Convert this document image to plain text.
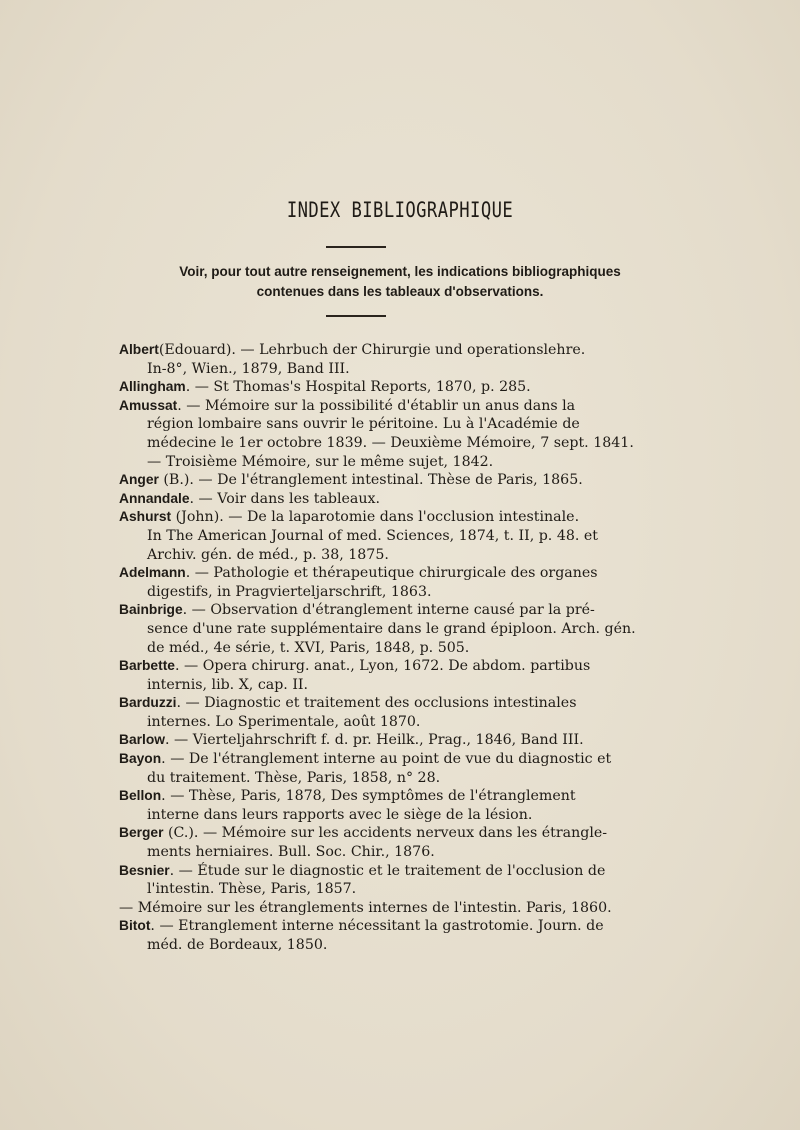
INDEX BIBLIOGRAPHIQUE
Voir, pour tout autre renseignement, les indications bibliographiques
contenues dans les tableaux d'observations.
Albert(Edouard). — Lehrbuch der Chirurgie und operationslehre.
In-8°, Wien., 1879, Band III.
Allingham. — St Thomas's Hospital Reports, 1870, p. 285.
Amussat. — Mémoire sur la possibilité d'établir un anus dans la
région lombaire sans ouvrir le péritoine. Lu à l'Académie de
médecine le 1er octobre 1839. — Deuxième Mémoire, 7 sept. 1841.
— Troisième Mémoire, sur le même sujet, 1842.
Anger (B.). — De l'étranglement intestinal. Thèse de Paris, 1865.
Annandale. — Voir dans les tableaux.
Ashurst (John). — De la laparotomie dans l'occlusion intestinale.
In The American Journal of med. Sciences, 1874, t. II, p. 48. et
Archiv. gén. de méd., p. 38, 1875.
Adelmann. — Pathologie et thérapeutique chirurgicale des organes
digestifs, in Pragvierteljarschrift, 1863.
Bainbrige. — Observation d'étranglement interne causé par la pré-
sence d'une rate supplémentaire dans le grand épiploon. Arch. gén.
de méd., 4e série, t. XVI, Paris, 1848, p. 505.
Barbette. — Opera chirurg. anat., Lyon, 1672. De abdom. partibus
internis, lib. X, cap. II.
Barduzzi. — Diagnostic et traitement des occlusions intestinales
internes. Lo Sperimentale, août 1870.
Barlow. — Vierteljahrschrift f. d. pr. Heilk., Prag., 1846, Band III.
Bayon. — De l'étranglement interne au point de vue du diagnostic et
du traitement. Thèse, Paris, 1858, n° 28.
Bellon. — Thèse, Paris, 1878, Des symptômes de l'étranglement
interne dans leurs rapports avec le siège de la lésion.
Berger (C.). — Mémoire sur les accidents nerveux dans les étrangle-
ments herniaires. Bull. Soc. Chir., 1876.
Besnier. — Étude sur le diagnostic et le traitement de l'occlusion de
l'intestin. Thèse, Paris, 1857.
— Mémoire sur les étranglements internes de l'intestin. Paris, 1860.
Bitot. — Etranglement interne nécessitant la gastrotomie. Journ. de
méd. de Bordeaux, 1850.
